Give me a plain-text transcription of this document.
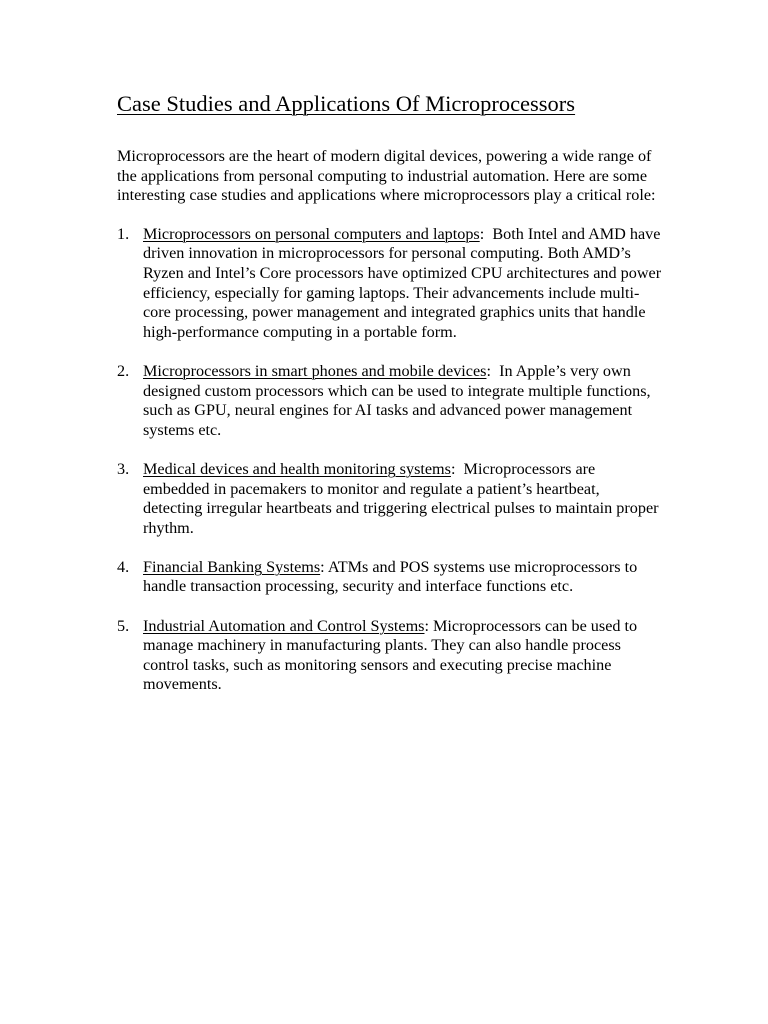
Case Studies and Applications Of Microprocessors

Microprocessors are the heart of modern digital devices, powering a wide range of the applications from personal computing to industrial automation. Here are some interesting case studies and applications where microprocessors play a critical role:

1. Microprocessors on personal computers and laptops:  Both Intel and AMD have driven innovation in microprocessors for personal computing. Both AMD’s Ryzen and Intel’s Core processors have optimized CPU architectures and power efficiency, especially for gaming laptops. Their advancements include multi- core processing, power management and integrated graphics units that handle high-performance computing in a portable form.
2. Microprocessors in smart phones and mobile devices:  In Apple’s very own designed custom processors which can be used to integrate multiple functions, such as GPU, neural engines for AI tasks and advanced power management systems etc.
3. Medical devices and health monitoring systems:  Microprocessors are embedded in pacemakers to monitor and regulate a patient’s heartbeat, detecting irregular heartbeats and triggering electrical pulses to maintain proper rhythm.
4. Financial Banking Systems: ATMs and POS systems use microprocessors to handle transaction processing, security and interface functions etc.
5. Industrial Automation and Control Systems: Microprocessors can be used to manage machinery in manufacturing plants. They can also handle process control tasks, such as monitoring sensors and executing precise machine movements.
